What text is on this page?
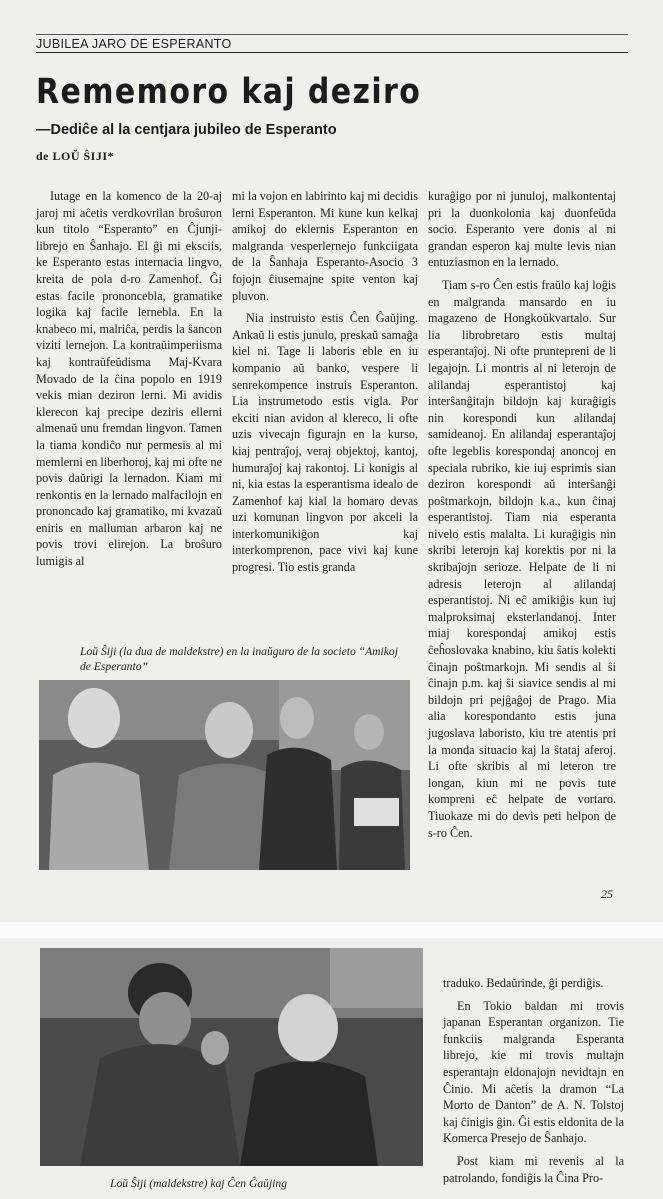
JUBILEA JARO DE ESPERANTO
Rememoro kaj deziro
—Dediĉe al la centjara jubileo de Esperanto
de LOŬ ŜIJI*

Iutage en la komenco de la 20-aj jaroj mi aĉetis verdkovrilan broŝuron kun titolo “Esperanto” en Ĉjunji-librejo en Ŝanhajo. El ĝi mi eksciis, ke Esperanto estas internacia lingvo, kreita de pola d-ro Zamenhof. Ĝi estas facile prononcebla, gramatike logika kaj facile lernebla. En la knabeco mi, malriĉa, perdis la ŝancon viziti lernejon. La kontraŭimperiisma kaj kontraŭfeŭdisma Maj-Kvara Movado de la ĉina popolo en 1919 vekis mian deziron lerni. Mi avidis klerecon kaj precipe deziris ellerni almenaŭ unu fremdan lingvon. Tamen la tiama kondiĉo nur permesis al mi memlerni en liberhoroj, kaj mi ofte ne povis daŭrigi la lernadon. Kiam mi renkontis en la lernado malfacilojn en prononcado kaj gramatiko, mi kvazaŭ eniris en malluman arbaron kaj ne povis trovi elirejon. La broŝuro lumigis al

mi la vojon en labirinto kaj mi decidis lerni Esperanton. Mi kune kun kelkaj amikoj do eklernis Esperanton en malgranda vesperlernejo funkciigata de la Ŝanhaja Esperanto-Asocio 3 fojojn ĉiusemajne spite venton kaj pluvon.

Nia instruisto estis Ĉen Ĝaŭjing. Ankaŭ li estis junulo, preskaŭ samaĝa kiel ni. Tage li laboris eble en iu kompanio aŭ banko, vespere li senrekompence instruis Esperanton. Lia instrumetodo estis vigla. Por ekciti nian avidon al klereco, li ofte uzis vivecajn figurajn en la kurso, kiaj pentraĵoj, veraj objektoj, kantoj, humuraĵoj kaj rakontoj. Li konigis al ni, kia estas la esperantisma idealo de Zamenhof kaj kial la homaro devas uzi komunan lingvon por akceli la interkomunikiĝon kaj interkomprenon, pace vivi kaj kune progresi. Tio estis granda

kuraĝigo por ni junuloj, malkontentaj pri la duonkolonia kaj duonfeŭda socio. Esperanto vere donis al ni grandan esperon kaj multe levis nian entuziasmon en la lernado.

Tiam s-ro Ĉen estis fraŭlo kaj loĝis en malgranda mansardo en iu magazeno de Hongkoŭkvartalo. Sur lia librobretaro estis multaj esperantaĵoj. Ni ofte pruntepreni de li legajojn. Li montris al ni leterojn de alilandaj esperantistoj kaj interŝanĝitajn bildojn kaj kuraĝigis nin korespondi kun alilandaj samideanoj. En alilandaj esperantaĵoj ofte legeblis korespondaj anoncoj en speciala rubriko, kie iuj esprimis sian deziron korespondi aŭ interŝanĝi poŝtmarkojn, bildojn k.a., kun ĉinaj esperantistoj. Tiam nia esperanta nivelo estis malalta. Li kuraĝigis nin skribi leterojn kaj korektis por ni la skribaĵojn serioze. Helpate de li ni adresis leterojn al alilandaj esperantistoj. Ni eĉ amikiĝis kun iuj malproksimaj eksterlandanoj. Inter miaj korespondaj amikoj estis ĉeĥoslovaka knabino, kiu ŝatis kolekti ĉinajn poŝtmarkojn. Mi sendis al ŝi ĉinajn p.m. kaj ŝi siavice sendis al mi bildojn pri pejĝaĝoj de Prago. Mia alia korespondanto estis juna jugoslava laboristo, kiu tre atentis pri la monda situacio kaj la ŝtataj aferoj. Li ofte skribis al mi leteron tre longan, kiun mi ne povis tute kompreni eĉ helpate de vortaro. Tiuokaze mi do devis peti helpon de s-ro Ĉen.

Loŭ Ŝiji (la dua de maldekstre) en la inaŭguro de la societo “Amikoj de Esperanto”
25

traduko. Bedaŭrinde, ĝi perdiĝis.

En Tokio baldan mi trovis japanan Esperantan organizon. Tie funkciis malgranda Esperanta librejo, kie mi trovis multajn esperantajn eldonajojn nevidtajn en Ĉinio. Mi aĉetis la dramon “La Morto de Danton” de A. N. Tolstoj kaj ĉinigis ĝin. Ĝi estis eldonita de la Komerca Presejo de Ŝanhajo.

Post kiam mi revenis al la patrolando, fondiĝis la Ĉina Pro-

Loŭ Ŝiji (maldekstre) kaj Ĉen Ĝaŭjing
